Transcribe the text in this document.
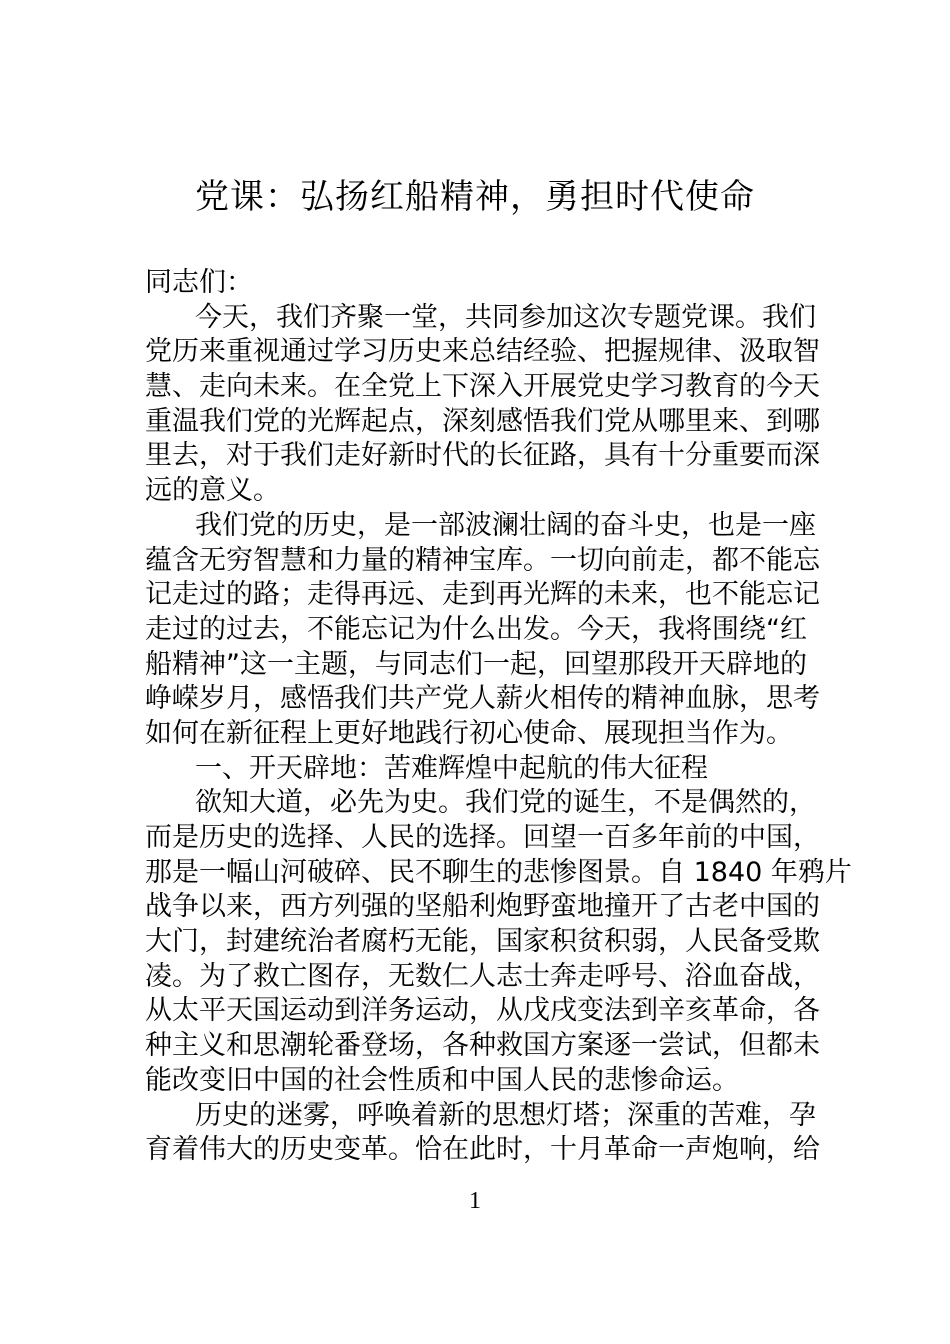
党课：弘扬红船精神，勇担时代使命
同志们：
今天，我们齐聚一堂，共同参加这次专题党课。我们
党历来重视通过学习历史来总结经验、把握规律、汲取智
慧、走向未来。在全党上下深入开展党史学习教育的今天
重温我们党的光辉起点，深刻感悟我们党从哪里来、到哪
里去，对于我们走好新时代的长征路，具有十分重要而深
远的意义。
我们党的历史，是一部波澜壮阔的奋斗史，也是一座
蕴含无穷智慧和力量的精神宝库。一切向前走，都不能忘
记走过的路；走得再远、走到再光辉的未来，也不能忘记
走过的过去，不能忘记为什么出发。今天，我将围绕“红
船精神”这一主题，与同志们一起，回望那段开天辟地的
峥嵘岁月，感悟我们共产党人薪火相传的精神血脉，思考
如何在新征程上更好地践行初心使命、展现担当作为。
一、开天辟地：苦难辉煌中起航的伟大征程
欲知大道，必先为史。我们党的诞生，不是偶然的，
而是历史的选择、人民的选择。回望一百多年前的中国，
那是一幅山河破碎、民不聊生的悲惨图景。自 1840 年鸦片
战争以来，西方列强的坚船利炮野蛮地撞开了古老中国的
大门，封建统治者腐朽无能，国家积贫积弱，人民备受欺
凌。为了救亡图存，无数仁人志士奔走呼号、浴血奋战，
从太平天国运动到洋务运动，从戊戌变法到辛亥革命，各
种主义和思潮轮番登场，各种救国方案逐一尝试，但都未
能改变旧中国的社会性质和中国人民的悲惨命运。
历史的迷雾，呼唤着新的思想灯塔；深重的苦难，孕
育着伟大的历史变革。恰在此时，十月革命一声炮响，给
1
